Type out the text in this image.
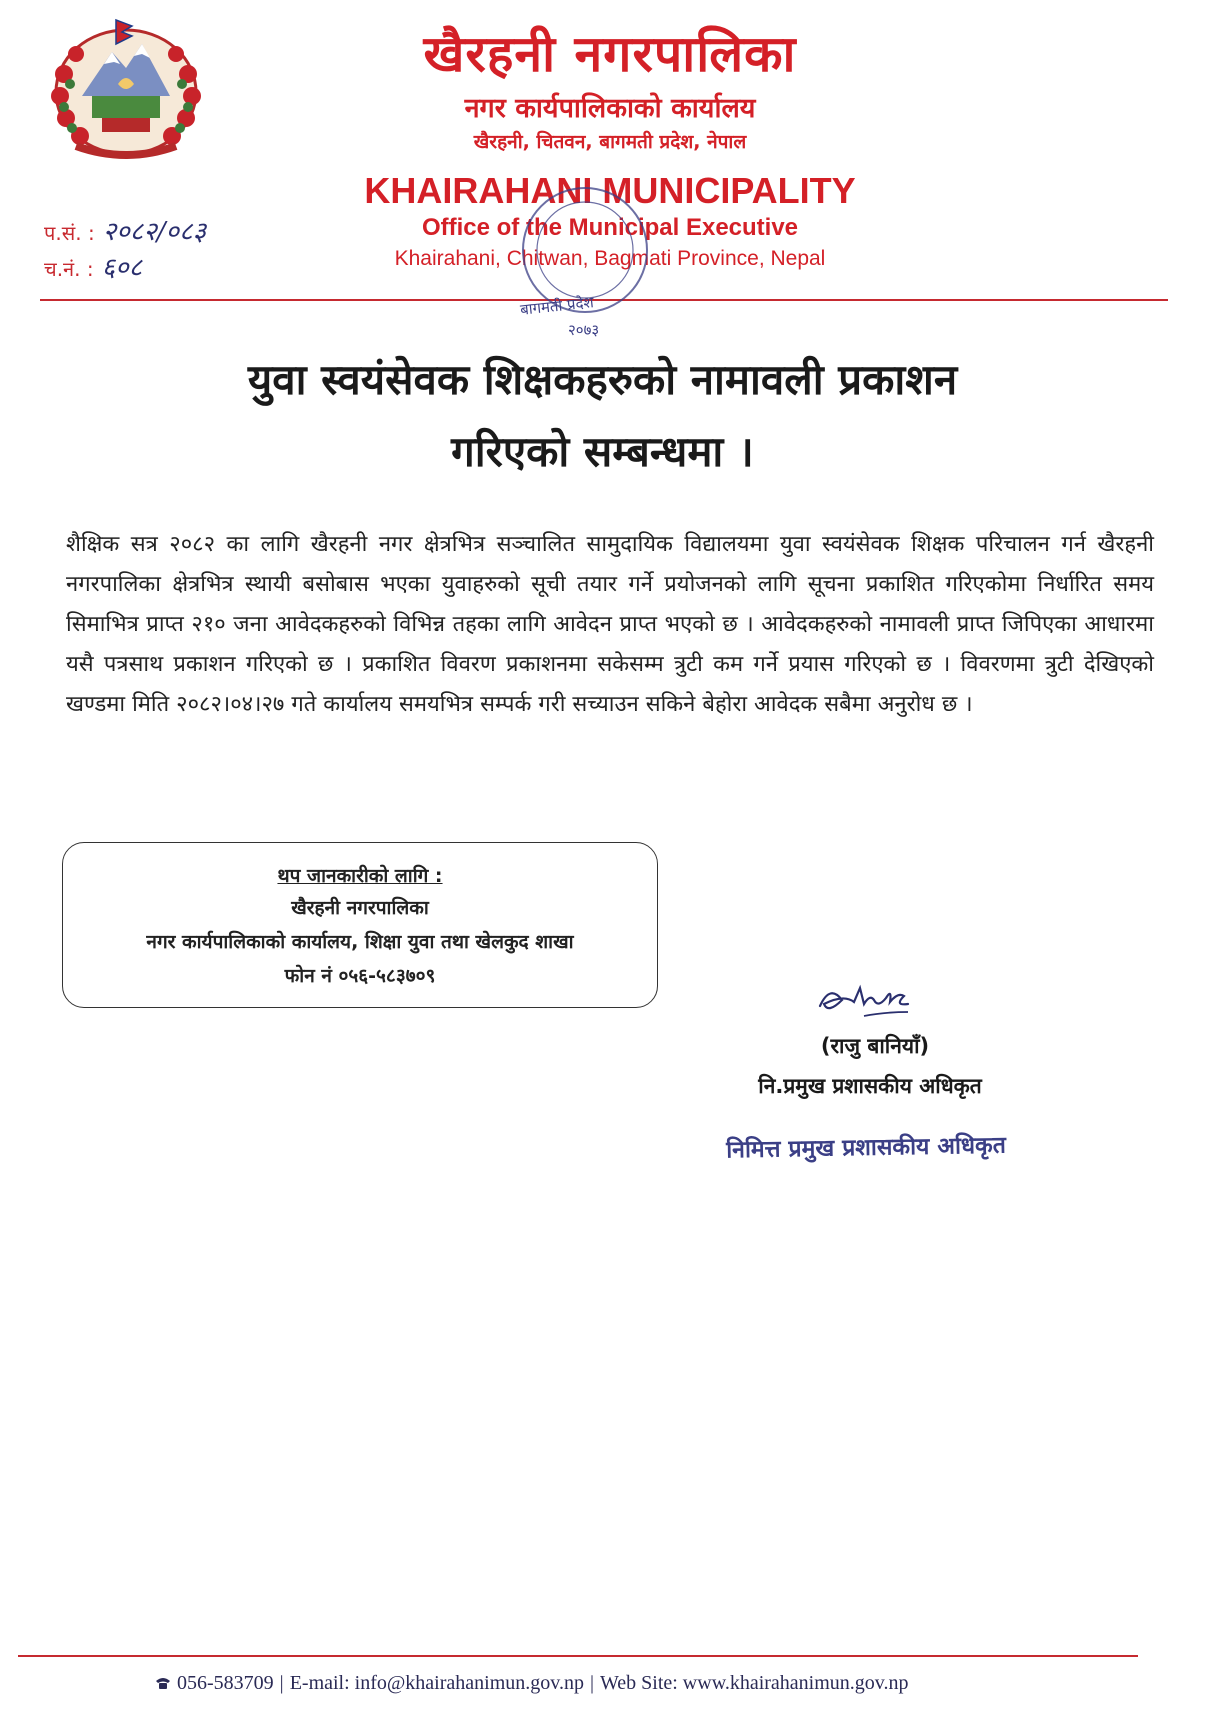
खैरहनी नगरपालिका
नगर कार्यपालिकाको कार्यालय
खैरहनी, चितवन, बागमती प्रदेश, नेपाल
KHAIRAHANI MUNICIPALITY
Office of the Municipal Executive
Khairahani, Chitwan, Bagmati Province, Nepal
प.सं. : २०८२/०८३
च.नं. : ६०८
बागमती प्रदेश
२०७३
युवा स्वयंसेवक शिक्षकहरुको नामावली प्रकाशन
गरिएको सम्बन्धमा ।
शैक्षिक सत्र २०८२ का लागि खैरहनी नगर क्षेत्रभित्र सञ्चालित सामुदायिक विद्यालयमा युवा स्वयंसेवक शिक्षक परिचालन गर्न खैरहनी नगरपालिका क्षेत्रभित्र स्थायी बसोबास भएका युवाहरुको सूची तयार गर्ने प्रयोजनको लागि सूचना प्रकाशित गरिएकोमा निर्धारित समय सिमाभित्र प्राप्त २१० जना आवेदकहरुको विभिन्न तहका लागि आवेदन प्राप्त भएको छ । आवेदकहरुको नामावली प्राप्त जिपिएका आधारमा यसै पत्रसाथ प्रकाशन गरिएको छ । प्रकाशित विवरण प्रकाशनमा सकेसम्म त्रुटी कम गर्ने प्रयास गरिएको छ । विवरणमा त्रुटी देखिएको खण्डमा मिति २०८२।०४।२७ गते कार्यालय समयभित्र सम्पर्क गरी सच्याउन सकिने बेहोरा आवेदक सबैमा अनुरोध छ ।
थप जानकारीको लागि :
खैरहनी नगरपालिका
नगर कार्यपालिकाको कार्यालय, शिक्षा युवा तथा खेलकुद शाखा
फोन नं ०५६-५८३७०९
(राजु बानियाँ)
नि.प्रमुख प्रशासकीय अधिकृत
निमित्त प्रमुख प्रशासकीय अधिकृत
056-583709 | E-mail: info@khairahanimun.gov.np | Web Site: www.khairahanimun.gov.np
